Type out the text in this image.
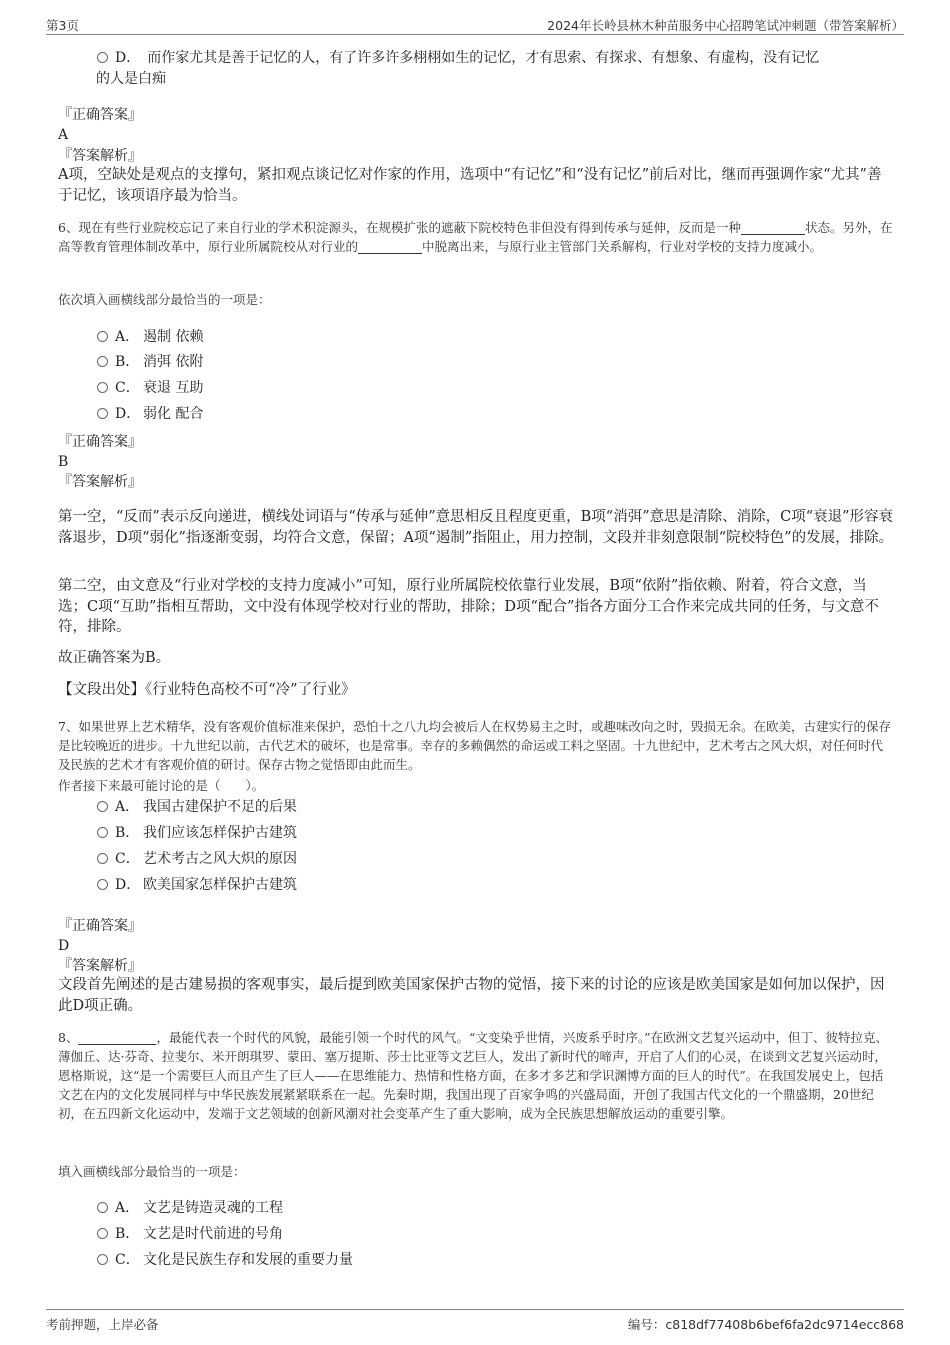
第3页	2024年长岭县林木种苗服务中心招聘笔试冲刺题（带答案解析）
D．　而作家尤其是善于记忆的人，有了许多许多栩栩如生的记忆，才有思索、有探求、有想象、有虚构，没有记忆
的人是白痴
『正确答案』
A
『答案解析』
A项，空缺处是观点的支撑句，紧扣观点谈记忆对作家的作用，选项中“有记忆”和“没有记忆”前后对比，继而再强调作家“尤其”善于记忆，该项语序最为恰当。
6、现在有些行业院校忘记了来自行业的学术积淀源头，在规模扩张的遮蔽下院校特色非但没有得到传承与延伸，反而是一种	状态。另外，在高等教育管理体制改革中，原行业所属院校从对行业的	中脱离出来，与原行业主管部门关系解构，行业对学校的支持力度减小。
依次填入画横线部分最恰当的一项是：
A． 遏制 依赖
B． 消弭 依附
C． 衰退 互助
D． 弱化 配合
『正确答案』
B
『答案解析』
第一空，“反而”表示反向递进，横线处词语与“传承与延伸”意思相反且程度更重，B项“消弭”意思是清除、消除，C项“衰退”形容衰落退步，D项“弱化”指逐渐变弱，均符合文意，保留；A项“遏制”指阻止，用力控制，文段并非刻意限制“院校特色”的发展，排除。
第二空，由文意及“行业对学校的支持力度减小”可知，原行业所属院校依靠行业发展，B项“依附”指依赖、附着，符合文意，当选；C项“互助”指相互帮助，文中没有体现学校对行业的帮助，排除；D项“配合”指各方面分工合作来完成共同的任务，与文意不符，排除。
故正确答案为B。
【文段出处】《行业特色高校不可“冷”了行业》
7、如果世界上艺术精华，没有客观价值标准来保护，恐怕十之八九均会被后人在权势易主之时，或趣味改向之时，毁损无余。在欧美，古建实行的保存是比较晚近的进步。十九世纪以前，古代艺术的破坏，也是常事。幸存的多赖偶然的命运或工料之坚固。十九世纪中，艺术考古之风大炽，对任何时代及民族的艺术才有客观价值的研讨。保存古物之觉悟即由此而生。
作者接下来最可能讨论的是（　　）。
A． 我国古建保护不足的后果
B． 我们应该怎样保护古建筑
C． 艺术考古之风大炽的原因
D． 欧美国家怎样保护古建筑
『正确答案』
D
『答案解析』
文段首先阐述的是古建易损的客观事实，最后提到欧美国家保护古物的觉悟，接下来的讨论的应该是欧美国家是如何加以保护，因此D项正确。
8、	，最能代表一个时代的风貌，最能引领一个时代的风气。“文变染乎世情，兴废系乎时序。”在欧洲文艺复兴运动中，但丁、彼特拉克、薄伽丘、达·芬奇、拉斐尔、米开朗琪罗、蒙田、塞万提斯、莎士比亚等文艺巨人，发出了新时代的啼声，开启了人们的心灵，在谈到文艺复兴运动时，恩格斯说，这“是一个需要巨人而且产生了巨人——在思维能力、热情和性格方面，在多才多艺和学识渊博方面的巨人的时代”。在我国发展史上，包括文艺在内的文化发展同样与中华民族发展紧紧联系在一起。先秦时期，我国出现了百家争鸣的兴盛局面，开创了我国古代文化的一个鼎盛期，20世纪初，在五四新文化运动中，发端于文艺领域的创新风潮对社会变革产生了重大影响，成为全民族思想解放运动的重要引擎。
填入画横线部分最恰当的一项是：
A． 文艺是铸造灵魂的工程
B． 文艺是时代前进的号角
C． 文化是民族生存和发展的重要力量
考前押题，上岸必备	编号：c818df77408b6bef6fa2dc9714ecc868
